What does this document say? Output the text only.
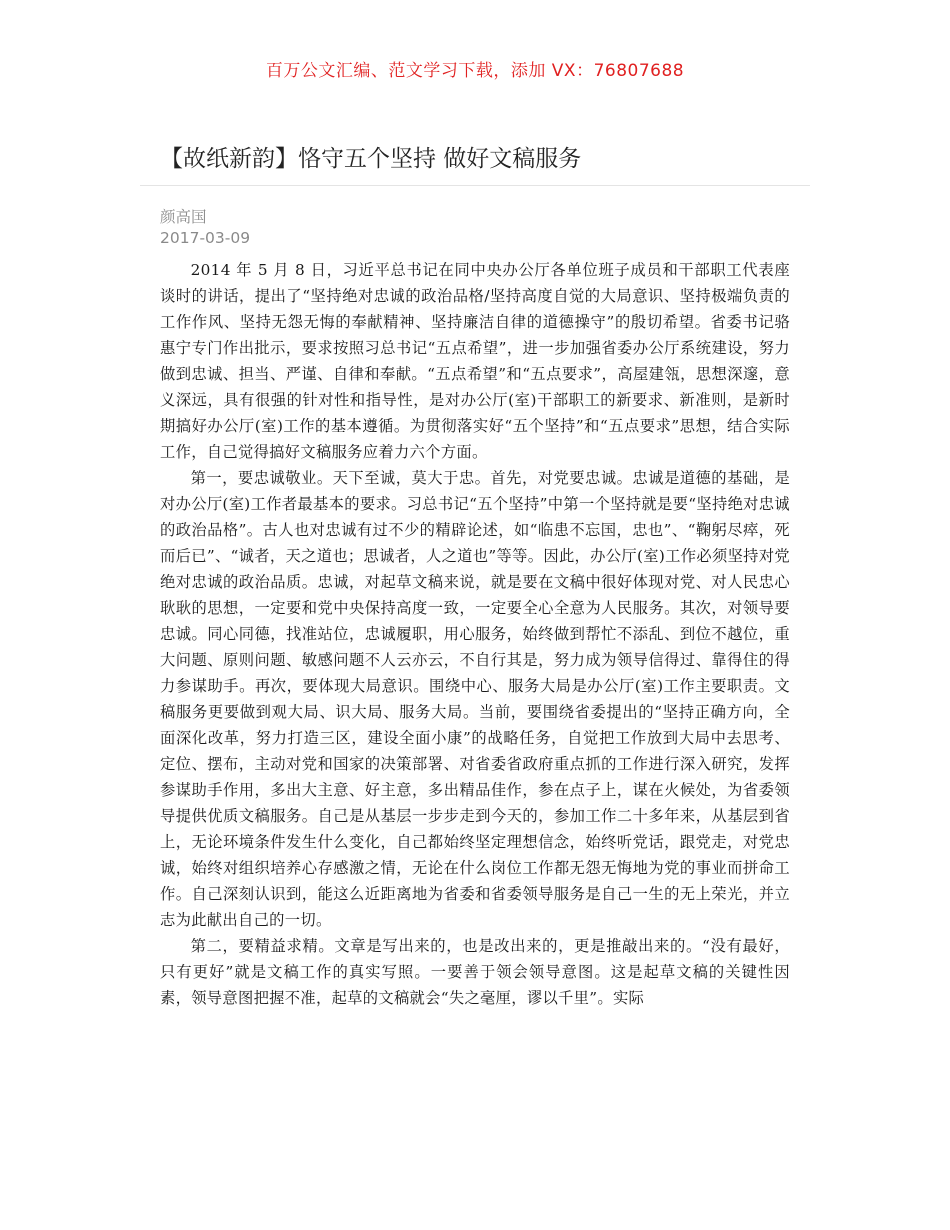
百万公文汇编、范文学习下载，添加 VX：76807688
【故纸新韵】恪守五个坚持 做好文稿服务
颜高国
2017-03-09

2014 年 5 月 8 日，习近平总书记在同中央办公厅各单位班子成员和干部职工代表座谈时的讲话，提出了“坚持绝对忠诚的政治品格/坚持高度自觉的大局意识、坚持极端负责的工作作风、坚持无怨无悔的奉献精神、坚持廉洁自律的道德操守”的殷切希望。省委书记骆惠宁专门作出批示，要求按照习总书记“五点希望”，进一步加强省委办公厅系统建设，努力做到忠诚、担当、严谨、自律和奉献。“五点希望”和“五点要求”，高屋建瓴，思想深邃，意义深远，具有很强的针对性和指导性，是对办公厅(室)干部职工的新要求、新准则，是新时期搞好办公厅(室)工作的基本遵循。为贯彻落实好“五个坚持”和“五点要求”思想，结合实际工作，自己觉得搞好文稿服务应着力六个方面。

第一，要忠诚敬业。天下至诚，莫大于忠。首先，对党要忠诚。忠诚是道德的基础，是对办公厅(室)工作者最基本的要求。习总书记“五个坚持”中第一个坚持就是要“坚持绝对忠诚的政治品格”。古人也对忠诚有过不少的精辟论述，如“临患不忘国，忠也”、“鞠躬尽瘁，死而后已”、“诚者，天之道也；思诚者，人之道也”等等。因此，办公厅(室)工作必须坚持对党绝对忠诚的政治品质。忠诚，对起草文稿来说，就是要在文稿中很好体现对党、对人民忠心耿耿的思想，一定要和党中央保持高度一致，一定要全心全意为人民服务。其次，对领导要忠诚。同心同德，找准站位，忠诚履职，用心服务，始终做到帮忙不添乱、到位不越位，重大问题、原则问题、敏感问题不人云亦云，不自行其是，努力成为领导信得过、靠得住的得力参谋助手。再次，要体现大局意识。围绕中心、服务大局是办公厅(室)工作主要职责。文稿服务更要做到观大局、识大局、服务大局。当前，要围绕省委提出的“坚持正确方向，全面深化改革，努力打造三区，建设全面小康”的战略任务，自觉把工作放到大局中去思考、定位、摆布，主动对党和国家的决策部署、对省委省政府重点抓的工作进行深入研究，发挥参谋助手作用，多出大主意、好主意，多出精品佳作，参在点子上，谋在火候处，为省委领导提供优质文稿服务。自己是从基层一步步走到今天的，参加工作二十多年来，从基层到省上，无论环境条件发生什么变化，自己都始终坚定理想信念，始终听党话，跟党走，对党忠诚，始终对组织培养心存感激之情，无论在什么岗位工作都无怨无悔地为党的事业而拼命工作。自己深刻认识到，能这么近距离地为省委和省委领导服务是自己一生的无上荣光，并立志为此献出自己的一切。

第二，要精益求精。文章是写出来的，也是改出来的，更是推敲出来的。“没有最好，只有更好”就是文稿工作的真实写照。一要善于领会领导意图。这是起草文稿的关键性因素，领导意图把握不准，起草的文稿就会“失之毫厘，谬以千里”。实际
